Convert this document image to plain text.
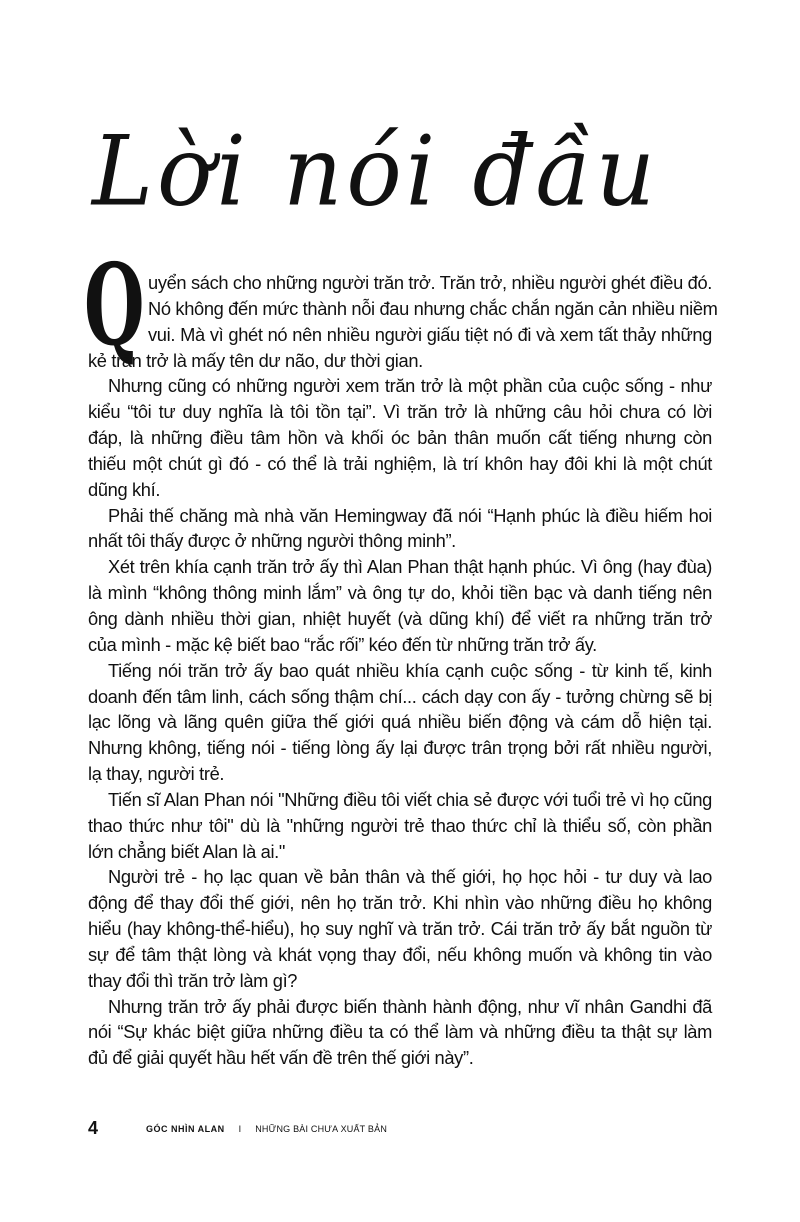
Lời nói đầu
Q uyển sách cho những người trăn trở. Trăn trở, nhiều người ghét điều đó.
Nó không đến mức thành nỗi đau nhưng chắc chắn ngăn cản nhiều niềm
vui. Mà vì ghét nó nên nhiều người giấu tiệt nó đi và xem tất thảy những
kẻ trăn trở là mấy tên dư não, dư thời gian.
Nhưng cũng có những người xem trăn trở là một phần của cuộc sống - như
kiểu “tôi tư duy nghĩa là tôi tồn tại”. Vì trăn trở là những câu hỏi chưa có lời
đáp, là những điều tâm hồn và khối óc bản thân muốn cất tiếng nhưng còn
thiếu một chút gì đó - có thể là trải nghiệm, là trí khôn hay đôi khi là một chút
dũng khí.
Phải thế chăng mà nhà văn Hemingway đã nói “Hạnh phúc là điều hiếm hoi
nhất tôi thấy được ở những người thông minh”.
Xét trên khía cạnh trăn trở ấy thì Alan Phan thật hạnh phúc. Vì ông (hay đùa)
là mình “không thông minh lắm” và ông tự do, khỏi tiền bạc và danh tiếng nên
ông dành nhiều thời gian, nhiệt huyết (và dũng khí) để viết ra những trăn trở
của mình - mặc kệ biết bao “rắc rối” kéo đến từ những trăn trở ấy.
Tiếng nói trăn trở ấy bao quát nhiều khía cạnh cuộc sống - từ kinh tế, kinh
doanh đến tâm linh, cách sống thậm chí... cách dạy con ấy - tưởng chừng sẽ bị
lạc lõng và lãng quên giữa thế giới quá nhiều biến động và cám dỗ hiện tại.
Nhưng không, tiếng nói - tiếng lòng ấy lại được trân trọng bởi rất nhiều người,
lạ thay, người trẻ.
Tiến sĩ Alan Phan nói "Những điều tôi viết chia sẻ được với tuổi trẻ vì họ cũng
thao thức như tôi" dù là "những người trẻ thao thức chỉ là thiểu số, còn phần
lớn chẳng biết Alan là ai."
Người trẻ - họ lạc quan về bản thân và thế giới, họ học hỏi - tư duy và lao
động để thay đổi thế giới, nên họ trăn trở. Khi nhìn vào những điều họ không
hiểu (hay không-thể-hiểu), họ suy nghĩ và trăn trở. Cái trăn trở ấy bắt nguồn từ
sự để tâm thật lòng và khát vọng thay đổi, nếu không muốn và không tin vào
thay đổi thì trăn trở làm gì?
Nhưng trăn trở ấy phải được biến thành hành động, như vĩ nhân Gandhi đã
nói “Sự khác biệt giữa những điều ta có thể làm và những điều ta thật sự làm
đủ để giải quyết hầu hết vấn đề trên thế giới này”.
4	GÓC NHÌN ALAN I NHỮNG BÀI CHƯA XUẤT BẢN
